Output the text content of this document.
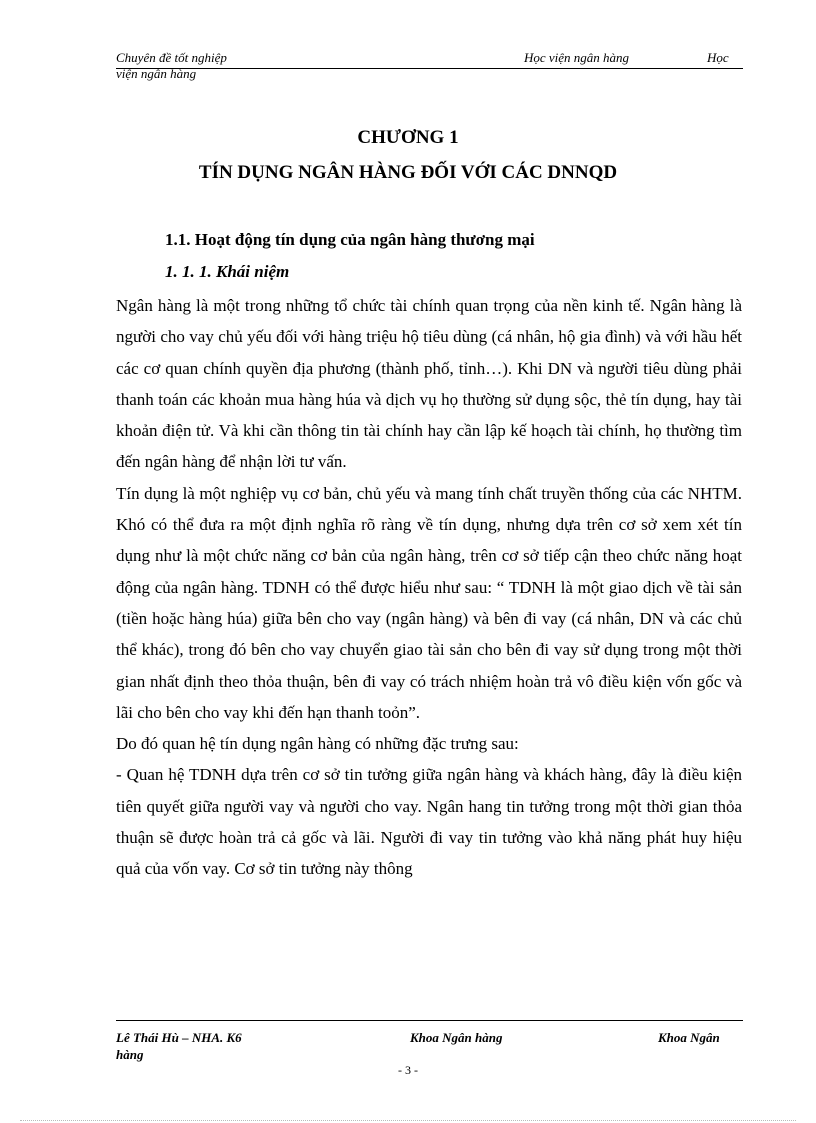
Chuyên đề tốt nghiệp	Học viện ngân hàng	Học
viện ngân hàng
CHƯƠNG 1
TÍN DỤNG NGÂN HÀNG ĐỐI VỚI CÁC DNNQD
1.1. Hoạt động tín dụng của ngân hàng thương mại
1. 1. 1. Khái niệm

Ngân hàng là một trong những tổ chức tài chính quan trọng của nền kinh tế. Ngân hàng là người cho vay chủ yếu đối với hàng triệu hộ tiêu dùng (cá nhân, hộ gia đình) và với hầu hết các cơ quan chính quyền địa phương (thành phố, tỉnh…). Khi DN và người tiêu dùng phải thanh toán các khoản mua hàng húa và dịch vụ họ thường sử dụng sộc, thẻ tín dụng, hay tài khoản điện tử. Và khi cần thông tin tài chính hay cần lập kế hoạch tài chính, họ thường tìm đến ngân hàng để nhận lời tư vấn.

Tín dụng là một nghiệp vụ cơ bản, chủ yếu và mang tính chất truyền thống của các NHTM. Khó có thể đưa ra một định nghĩa rõ ràng về tín dụng, nhưng dựa trên cơ sở xem xét tín dụng như là một chức năng cơ bản của ngân hàng, trên cơ sở tiếp cận theo chức năng hoạt động của ngân hàng. TDNH có thể được hiểu như sau: “ TDNH là một giao dịch về tài sản (tiền hoặc hàng húa) giữa bên cho vay (ngân hàng) và bên đi vay (cá nhân, DN và các chủ thể khác), trong đó bên cho vay chuyển giao tài sản cho bên đi vay sử dụng trong một thời gian nhất định theo thỏa thuận, bên đi vay có trách nhiệm hoàn trả vô điều kiện vốn gốc và lãi cho bên cho vay khi đến hạn thanh toỏn”.

Do đó quan hệ tín dụng ngân hàng có những đặc trưng sau:

- Quan hệ TDNH dựa trên cơ sở tin tưởng giữa ngân hàng và khách hàng, đây là điều kiện tiên quyết giữa người vay và người cho vay. Ngân hang tin tưởng trong một thời gian thỏa thuận sẽ được hoàn trả cả gốc và lãi. Người đi vay tin tưởng vào khả năng phát huy hiệu quả của vốn vay. Cơ sở tin tưởng này thông

Lê Thái Hù – NHA. K6	Khoa Ngân hàng	Khoa Ngân
hàng
- 3 -
